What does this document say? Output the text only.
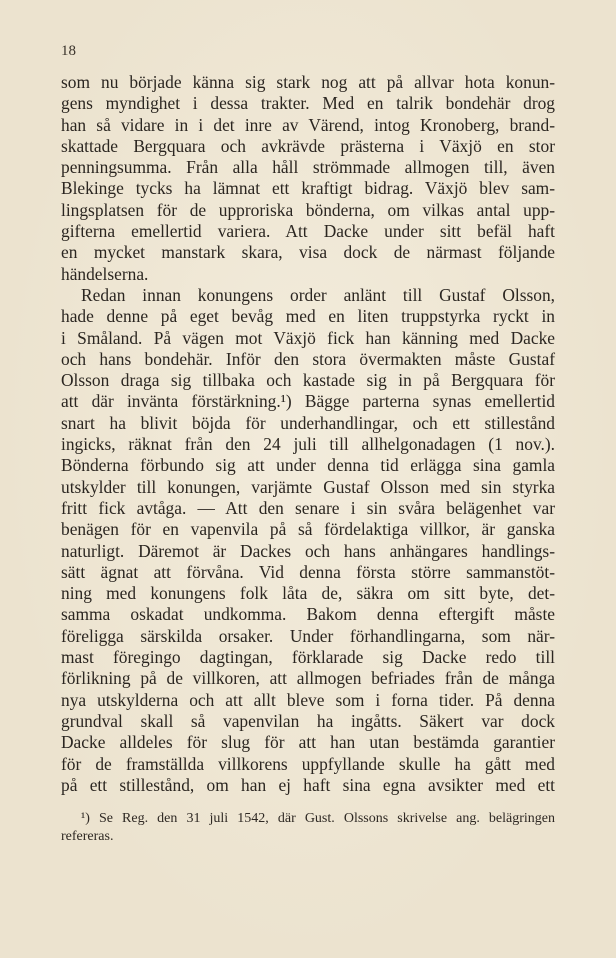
18
som nu började känna sig stark nog att på allvar hota konun-
gens myndighet i dessa trakter. Med en talrik bondehär drog
han så vidare in i det inre av Värend, intog Kronoberg, brand-
skattade Bergquara och avkrävde prästerna i Växjö en stor
penningsumma. Från alla håll strömmade allmogen till, även
Blekinge tycks ha lämnat ett kraftigt bidrag. Växjö blev sam-
lingsplatsen för de upproriska bönderna, om vilkas antal upp-
gifterna emellertid variera. Att Dacke under sitt befäl haft
en mycket manstark skara, visa dock de närmast följande
händelserna.
Redan innan konungens order anlänt till Gustaf Olsson,
hade denne på eget bevåg med en liten truppstyrka ryckt in
i Småland. På vägen mot Växjö fick han känning med Dacke
och hans bondehär. Inför den stora övermakten måste Gustaf
Olsson draga sig tillbaka och kastade sig in på Bergquara för
att där invänta förstärkning.¹) Bägge parterna synas emellertid
snart ha blivit böjda för underhandlingar, och ett stillestånd
ingicks, räknat från den 24 juli till allhelgonadagen (1 nov.).
Bönderna förbundo sig att under denna tid erlägga sina gamla
utskylder till konungen, varjämte Gustaf Olsson med sin styrka
fritt fick avtåga. — Att den senare i sin svåra belägenhet var
benägen för en vapenvila på så fördelaktiga villkor, är ganska
naturligt. Däremot är Dackes och hans anhängares handlings-
sätt ägnat att förvåna. Vid denna första större sammanstöt-
ning med konungens folk låta de, säkra om sitt byte, det-
samma oskadat undkomma. Bakom denna eftergift måste
föreligga särskilda orsaker. Under förhandlingarna, som när-
mast föregingo dagtingan, förklarade sig Dacke redo till
förlikning på de villkoren, att allmogen befriades från de många
nya utskylderna och att allt bleve som i forna tider. På denna
grundval skall så vapenvilan ha ingåtts. Säkert var dock
Dacke alldeles för slug för att han utan bestämda garantier
för de framställda villkorens uppfyllande skulle ha gått med
på ett stillestånd, om han ej haft sina egna avsikter med ett
¹) Se Reg. den 31 juli 1542, där Gust. Olssons skrivelse ang. belägringen
refereras.
